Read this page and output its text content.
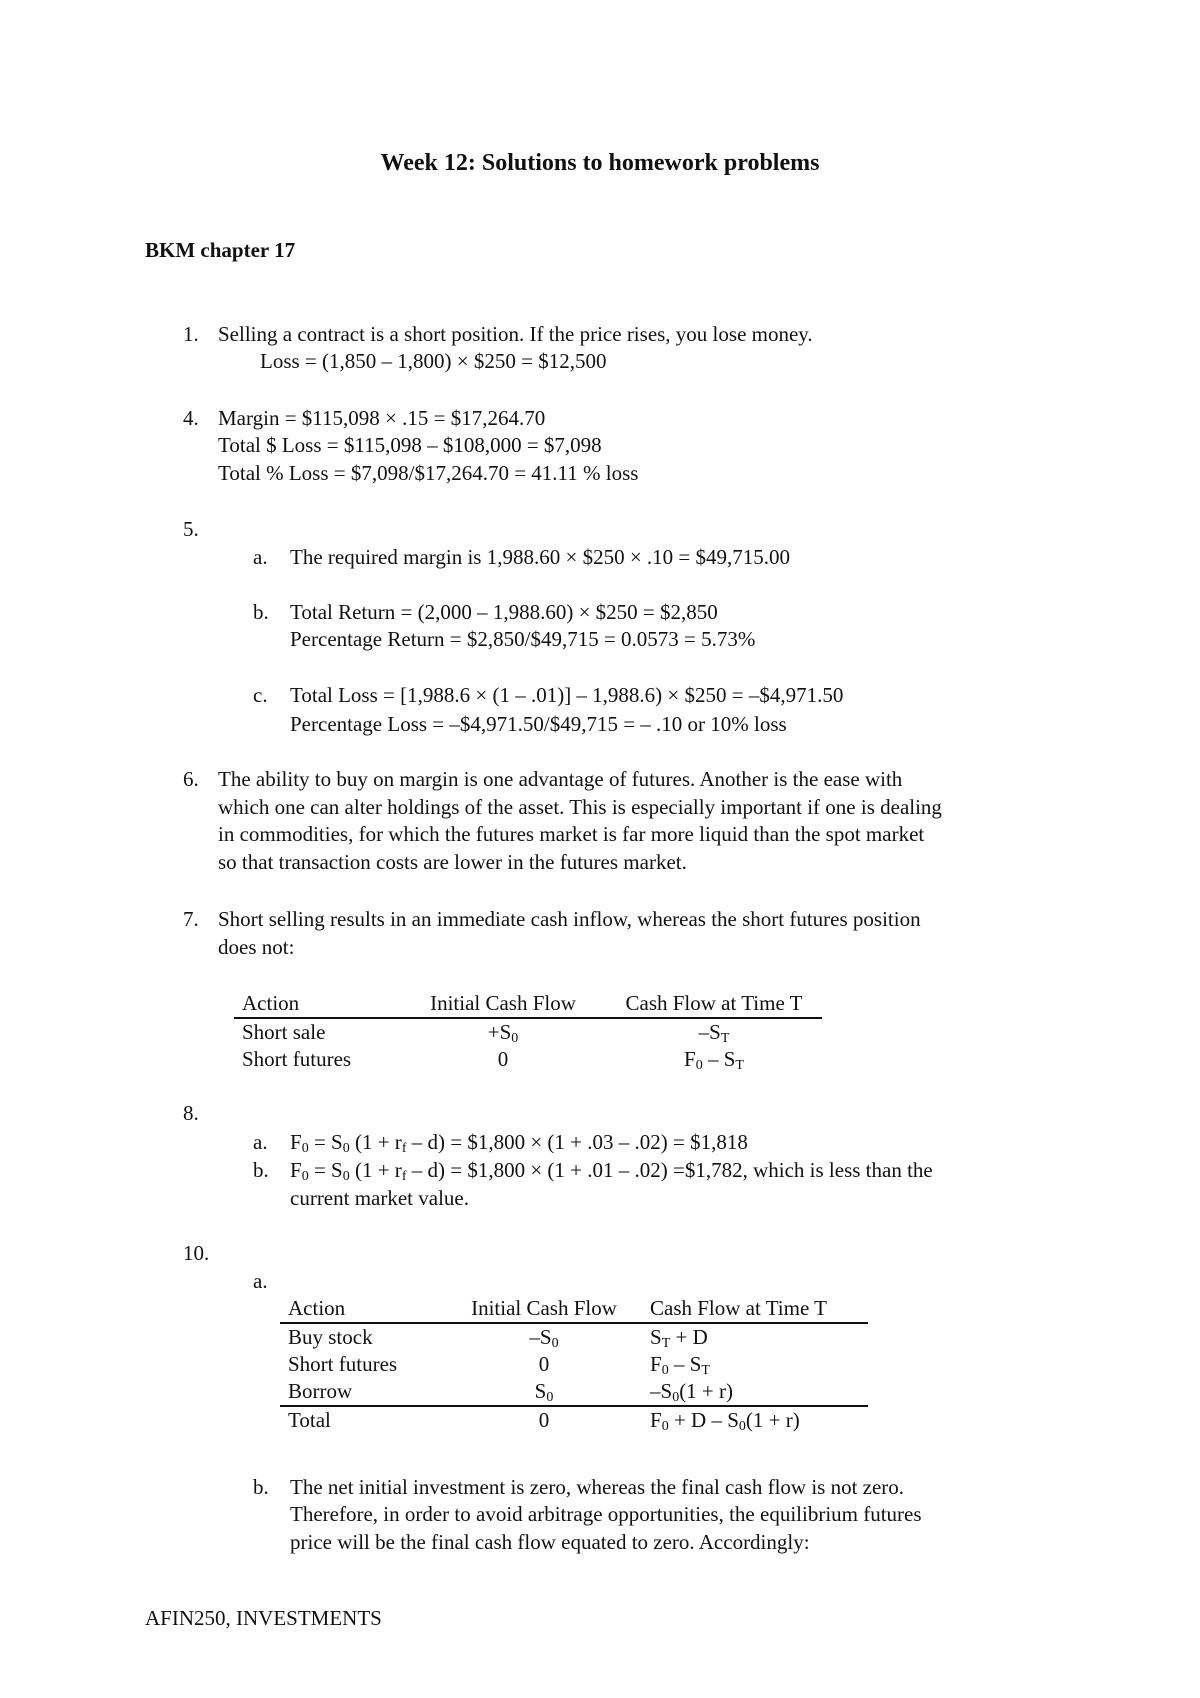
Week 12: Solutions to homework problems
BKM chapter 17
1. Selling a contract is a short position. If the price rises, you lose money.
Loss = (1,850 – 1,800) × $250 = $12,500
4. Margin = $115,098 × .15 = $17,264.70
Total $ Loss = $115,098 – $108,000 = $7,098
Total % Loss = $7,098/$17,264.70 = 41.11 % loss
5.
a. The required margin is 1,988.60 × $250 × .10 = $49,715.00
b. Total Return = (2,000 – 1,988.60) × $250 = $2,850
Percentage Return = $2,850/$49,715 = 0.0573 = 5.73%
c. Total Loss = [1,988.6 × (1 – .01)] – 1,988.6) × $250 = –$4,971.50
Percentage Loss = –$4,971.50/$49,715 = – .10 or 10% loss
6. The ability to buy on margin is one advantage of futures. Another is the ease with
which one can alter holdings of the asset. This is especially important if one is dealing
in commodities, for which the futures market is far more liquid than the spot market
so that transaction costs are lower in the futures market.
7. Short selling results in an immediate cash inflow, whereas the short futures position
does not:
Action	Initial Cash Flow	Cash Flow at Time T
Short sale	$+S_0$	$-S_T$
Short futures	0	$F_0 - S_T$
8.
a. $F_0 = S_0$ $(1 + r_f - d)$ = $1,800 × (1 + .03 – .02) = $1,818
b. $F_0 = S_0$ $(1 + r_f - d)$ = $1,800 × (1 + .01 – .02) =$1,782, which is less than the
current market value.
10.
a.
Action	Initial Cash Flow	Cash Flow at Time T
Buy stock	$-S_0$	$S_T + D$
Short futures	0	$F_0 - S_T$
Borrow	$S_0$	$-S_0(1 + r)$
Total	0	$F_0 + D - S_0(1 + r)$
b. The net initial investment is zero, whereas the final cash flow is not zero.
Therefore, in order to avoid arbitrage opportunities, the equilibrium futures
price will be the final cash flow equated to zero. Accordingly:
AFIN250, INVESTMENTS
